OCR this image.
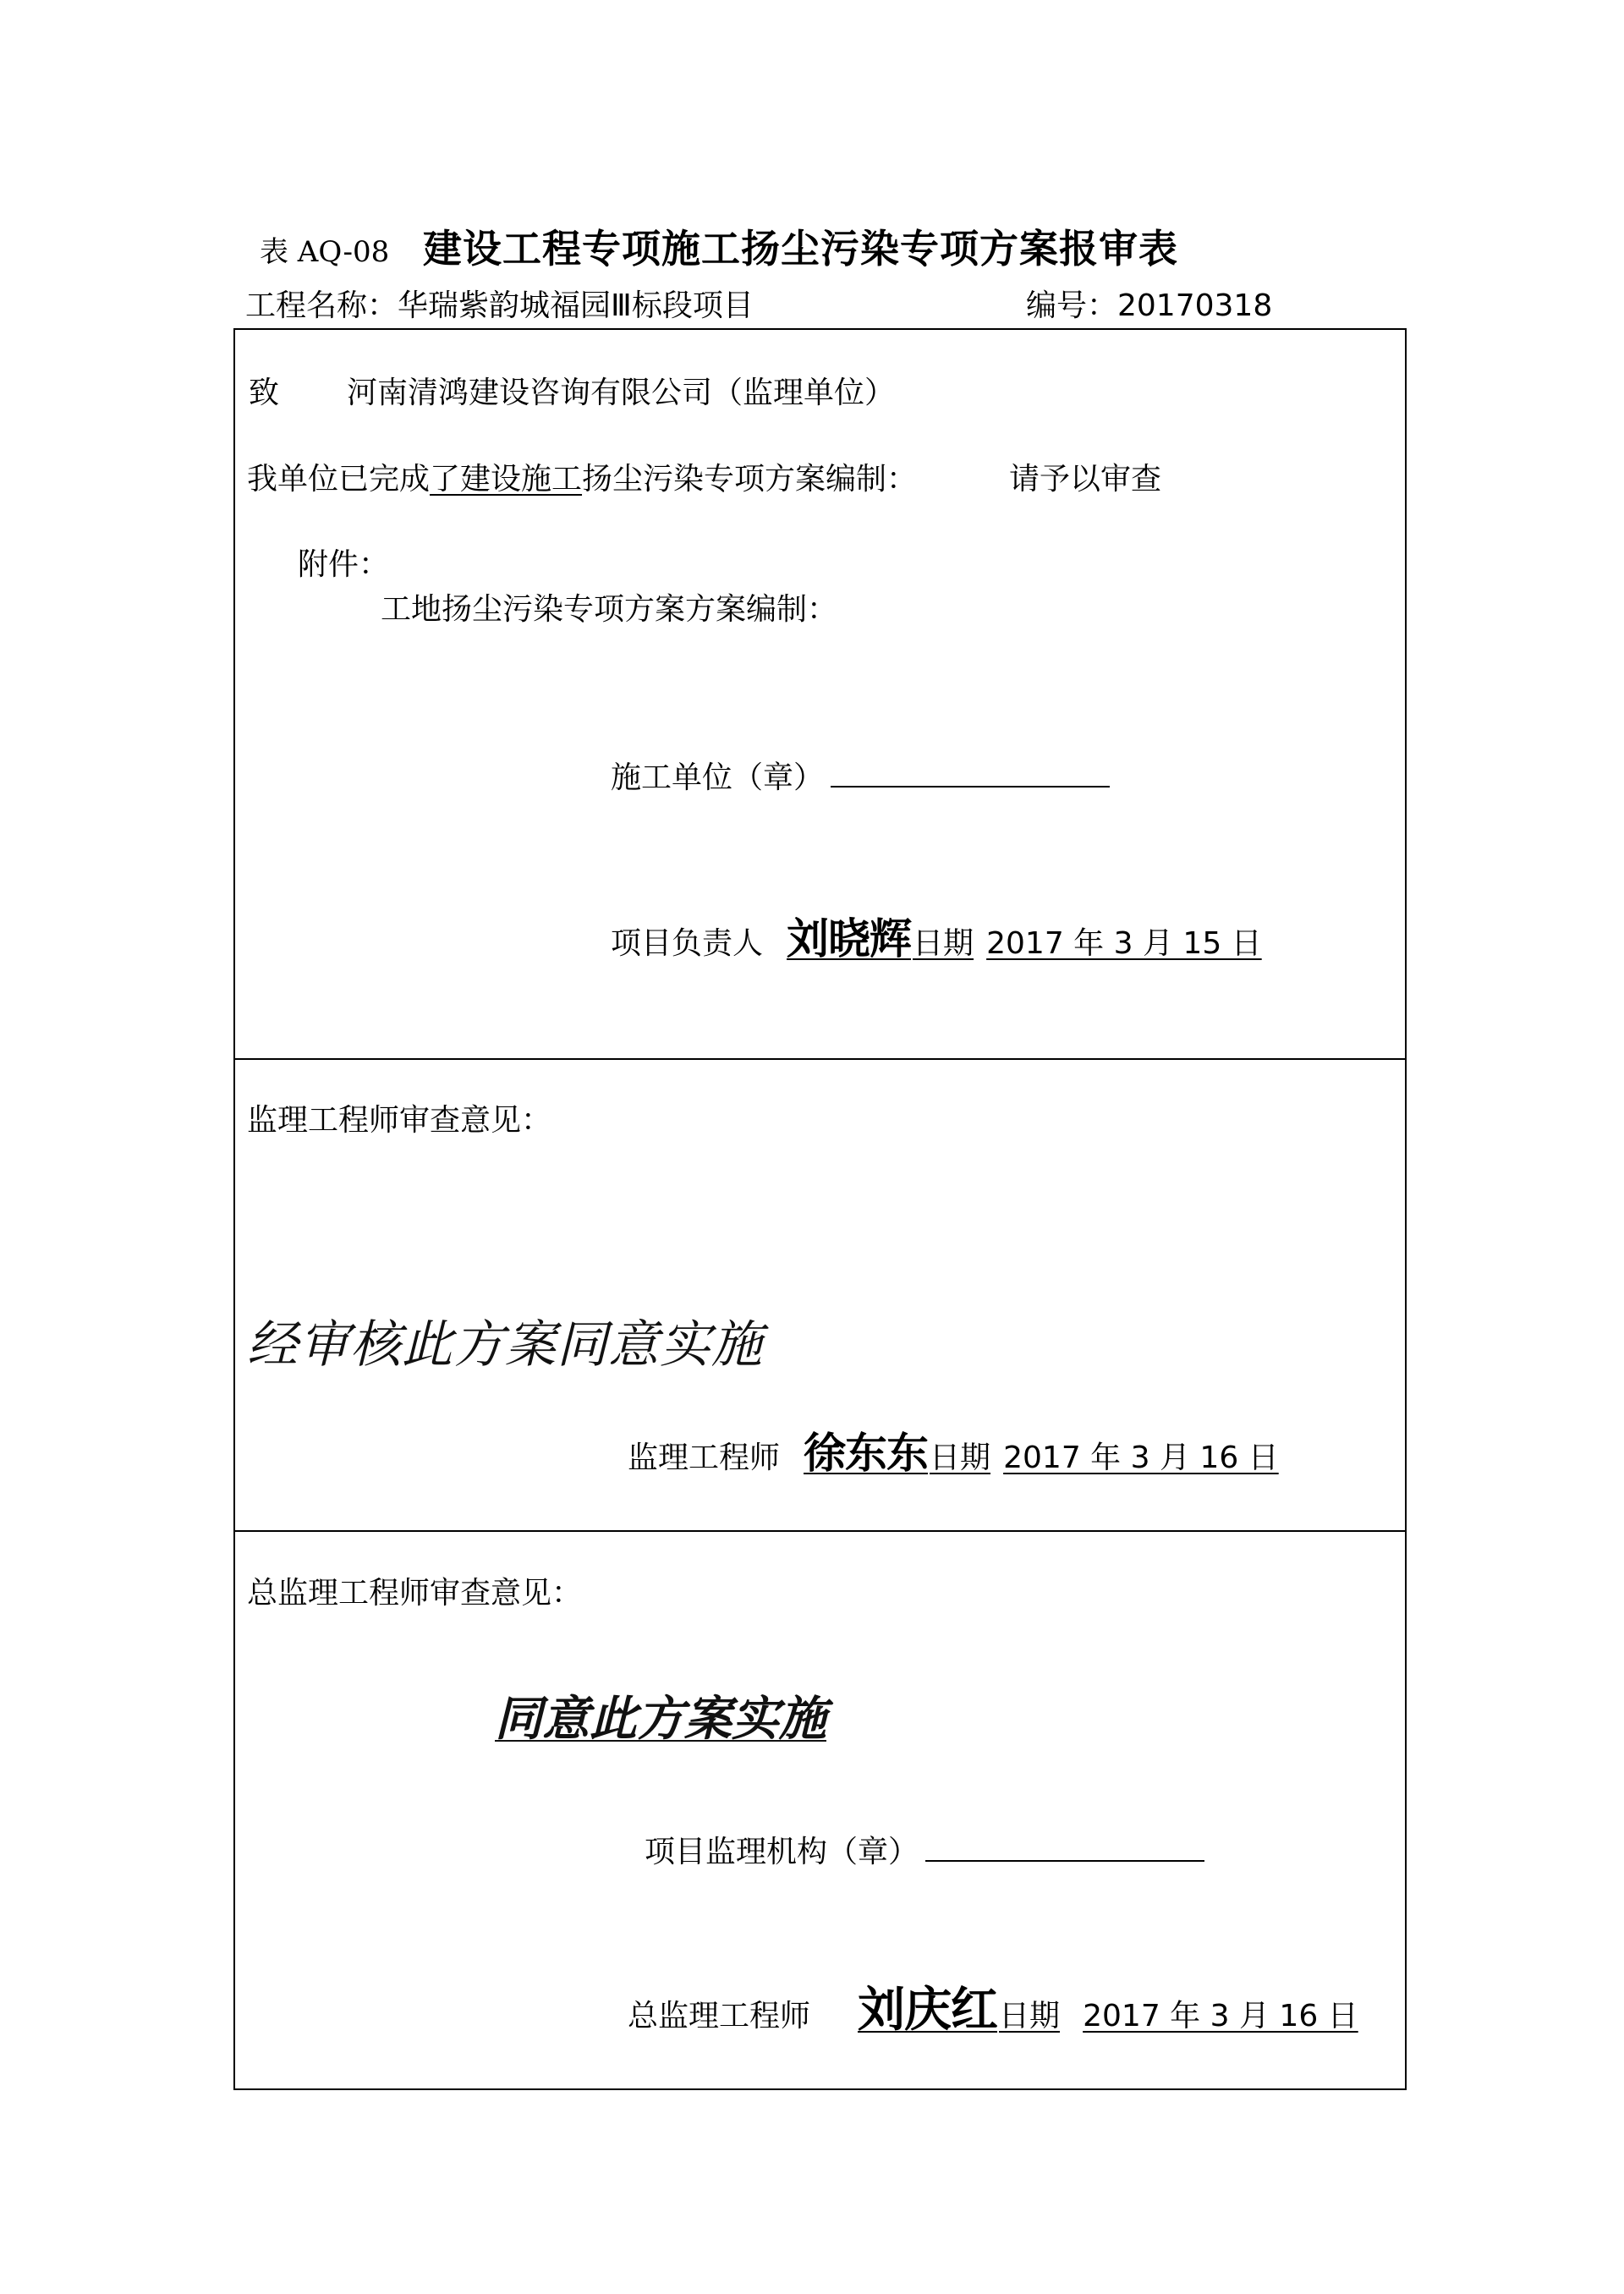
表 AQ-08 建设工程专项施工扬尘污染专项方案报审表
工程名称：华瑞紫韵城福园Ⅲ标段项目	编号：20170318
致 河南清鸿建设咨询有限公司（监理单位）
我单位已完成了建设施工扬尘污染专项方案编制：	请予以审查
附件：
工地扬尘污染专项方案方案编制：
施工单位（章）
项目负责人 刘晓辉日期 2017 年 3 月 15 日
监理工程师审查意见：
经审核此方案同意实施
监理工程师 徐东东日期 2017 年 3 月 16 日
总监理工程师审查意见：
同意此方案实施
项目监理机构（章）
总监理工程师 刘庆红日期 2017 年 3 月 16 日
